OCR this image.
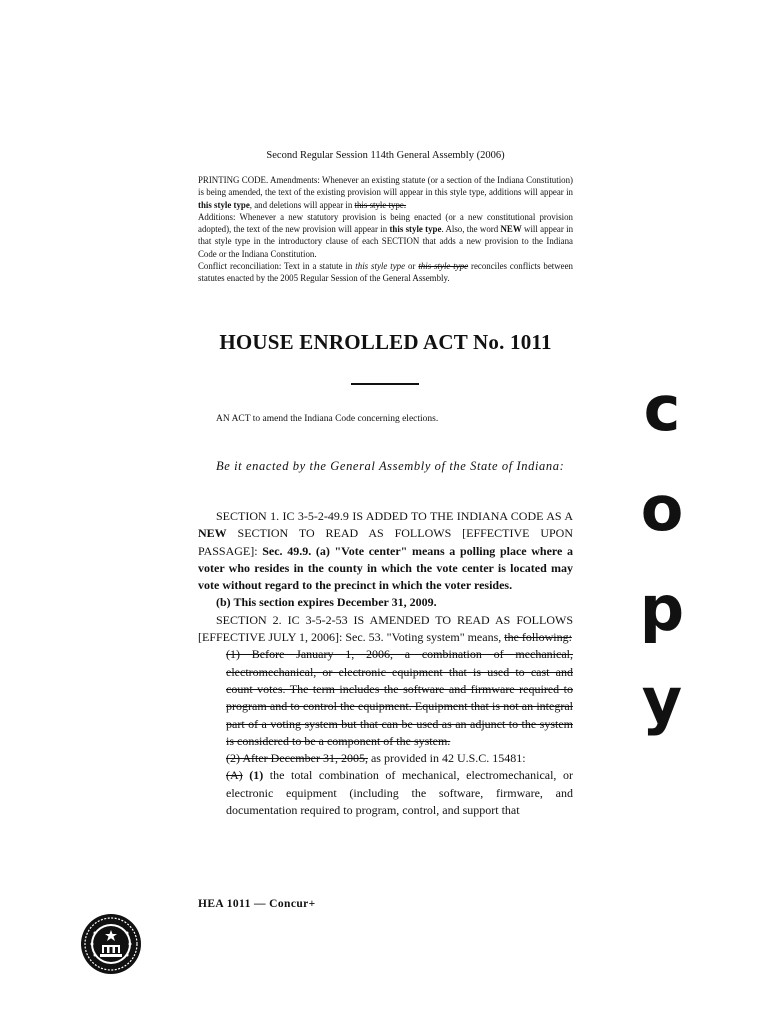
Second Regular Session 114th General Assembly (2006)

PRINTING CODE. Amendments: Whenever an existing statute (or a section of the Indiana Constitution) is being amended, the text of the existing provision will appear in this style type, additions will appear in this style type, and deletions will appear in this style type.

Additions: Whenever a new statutory provision is being enacted (or a new constitutional provision adopted), the text of the new provision will appear in this style type. Also, the word NEW will appear in that style type in the introductory clause of each SECTION that adds a new provision to the Indiana Code or the Indiana Constitution.

Conflict reconciliation: Text in a statute in this style type or this style type reconciles conflicts between statutes enacted by the 2005 Regular Session of the General Assembly.

HOUSE ENROLLED ACT No. 1011
AN ACT to amend the Indiana Code concerning elections.
Be it enacted by the General Assembly of the State of Indiana:

SECTION 1. IC 3-5-2-49.9 IS ADDED TO THE INDIANA CODE AS A NEW SECTION TO READ AS FOLLOWS [EFFECTIVE UPON PASSAGE]: Sec. 49.9. (a) "Vote center" means a polling place where a voter who resides in the county in which the vote center is located may vote without regard to the precinct in which the voter resides.

(b) This section expires December 31, 2009.

SECTION 2. IC 3-5-2-53 IS AMENDED TO READ AS FOLLOWS [EFFECTIVE JULY 1, 2006]: Sec. 53. "Voting system" means, the following:

(1) Before January 1, 2006, a combination of mechanical, electromechanical, or electronic equipment that is used to cast and count votes. The term includes the software and firmware required to program and to control the equipment. Equipment that is not an integral part of a voting system but that can be used as an adjunct to the system is considered to be a component of the system.

(2) After December 31, 2005, as provided in 42 U.S.C. 15481:

(A) (1) the total combination of mechanical, electromechanical, or electronic equipment (including the software, firmware, and documentation required to program, control, and support that

HEA 1011 — Concur+
c
o
p
y
